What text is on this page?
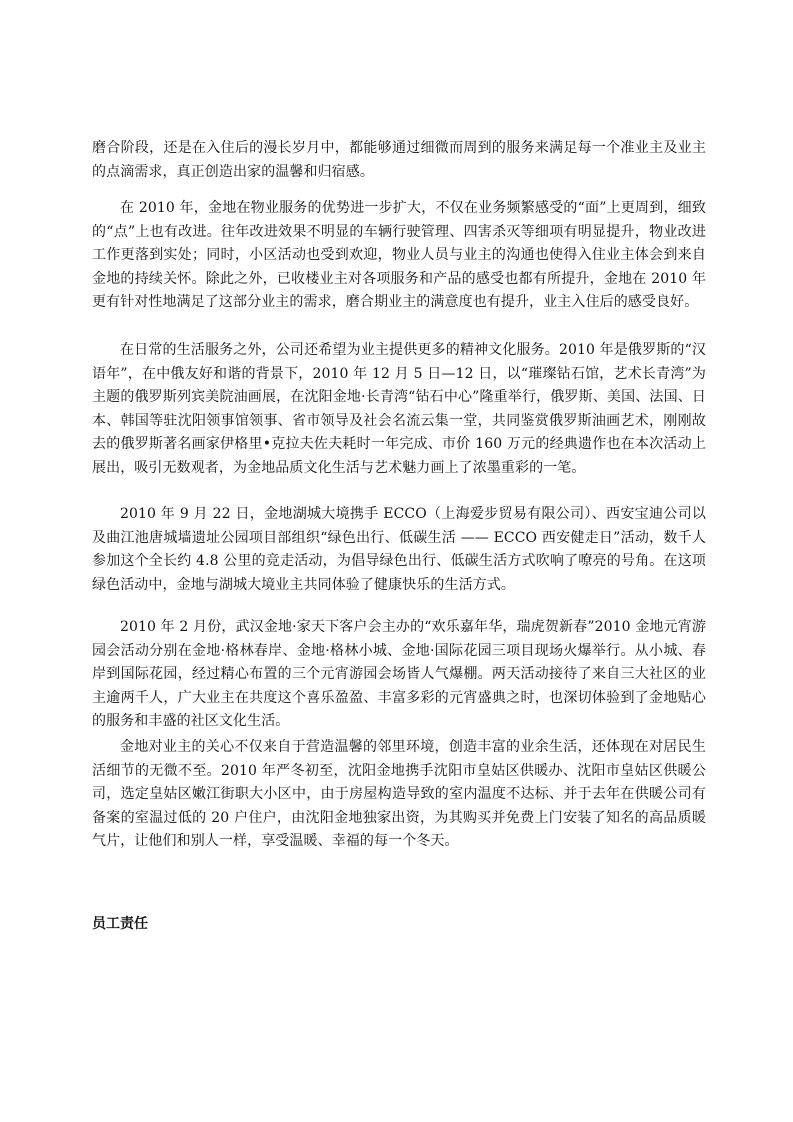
磨合阶段，还是在入住后的漫长岁月中，都能够通过细微而周到的服务来满足每一个准业主及业主的点滴需求，真正创造出家的温馨和归宿感。

在 2010 年，金地在物业服务的优势进一步扩大，不仅在业务频繁感受的“面”上更周到，细致的“点”上也有改进。往年改进效果不明显的车辆行驶管理、四害杀灭等细项有明显提升，物业改进工作更落到实处；同时，小区活动也受到欢迎，物业人员与业主的沟通也使得入住业主体会到来自金地的持续关怀。除此之外，已收楼业主对各项服务和产品的感受也都有所提升，金地在 2010 年更有针对性地满足了这部分业主的需求，磨合期业主的满意度也有提升，业主入住后的感受良好。

在日常的生活服务之外，公司还希望为业主提供更多的精神文化服务。2010 年是俄罗斯的“汉语年”，在中俄友好和谐的背景下，2010 年 12 月 5 日—12 日，以“璀璨钻石馆，艺术长青湾”为主题的俄罗斯列宾美院油画展，在沈阳金地·长青湾“钻石中心”隆重举行，俄罗斯、美国、法国、日本、韩国等驻沈阳领事馆领事、省市领导及社会名流云集一堂，共同鉴赏俄罗斯油画艺术，刚刚故去的俄罗斯著名画家伊格里•克拉夫佐夫耗时一年完成、市价 160 万元的经典遗作也在本次活动上展出，吸引无数观者，为金地品质文化生活与艺术魅力画上了浓墨重彩的一笔。

2010 年 9 月 22 日，金地湖城大境携手 ECCO（上海爱步贸易有限公司）、西安宝迪公司以及曲江池唐城墙遗址公园项目部组织“绿色出行、低碳生活 —— ECCO 西安健走日”活动，数千人参加这个全长约 4.8 公里的竞走活动，为倡导绿色出行、低碳生活方式吹响了嘹亮的号角。在这项绿色活动中，金地与湖城大境业主共同体验了健康快乐的生活方式。

2010 年 2 月份，武汉金地·家天下客户会主办的“欢乐嘉年华，瑞虎贺新春”2010 金地元宵游园会活动分别在金地·格林春岸、金地·格林小城、金地·国际花园三项目现场火爆举行。从小城、春岸到国际花园，经过精心布置的三个元宵游园会场皆人气爆棚。两天活动接待了来自三大社区的业主逾两千人，广大业主在共度这个喜乐盈盈、丰富多彩的元宵盛典之时，也深切体验到了金地贴心的服务和丰盛的社区文化生活。

金地对业主的关心不仅来自于营造温馨的邻里环境，创造丰富的业余生活，还体现在对居民生活细节的无微不至。2010 年严冬初至，沈阳金地携手沈阳市皇姑区供暖办、沈阳市皇姑区供暖公司，选定皇姑区嫩江街职大小区中，由于房屋构造导致的室内温度不达标、并于去年在供暖公司有备案的室温过低的 20 户住户，由沈阳金地独家出资，为其购买并免费上门安装了知名的高品质暖气片，让他们和别人一样，享受温暖、幸福的每一个冬天。

员工责任
